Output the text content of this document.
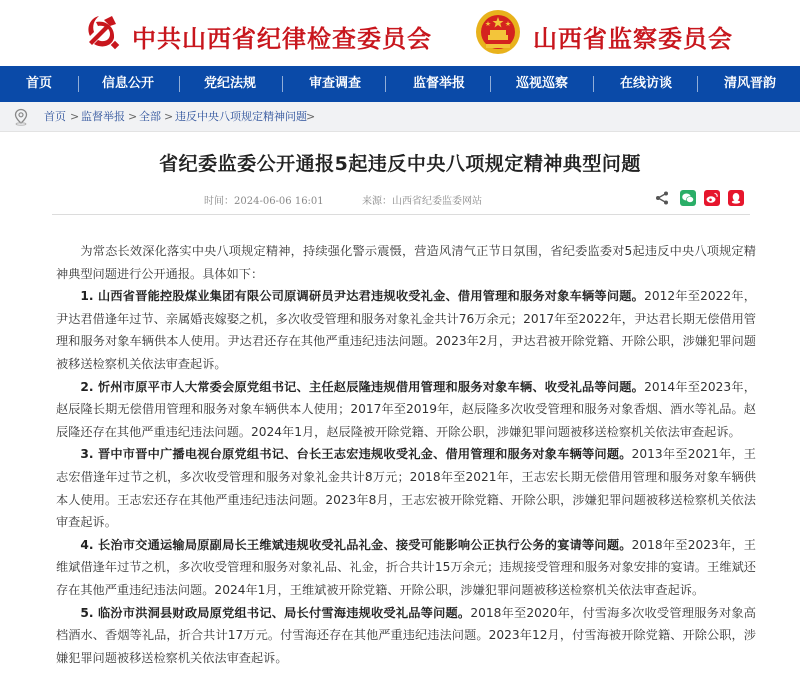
中共山西省纪律检查委员会	山西省监察委员会
首页	信息公开	党纪法规	审查调查	监督举报	巡视巡察	在线访谈	清风晋韵
首页 > 监督举报 > 全部 > 违反中央八项规定精神问题 >
省纪委监委公开通报5起违反中央八项规定精神典型问题
时间：2024-06-06 16:01	来源：山西省纪委监委网站

为常态长效深化落实中央八项规定精神，持续强化警示震慑，营造风清气正节日氛围，省纪委监委对5起违反中央八项规定精神典型问题进行公开通报。具体如下：

1. 山西省晋能控股煤业集团有限公司原调研员尹达君违规收受礼金、借用管理和服务对象车辆等问题。2012年至2022年，尹达君借逢年过节、亲属婚丧嫁娶之机，多次收受管理和服务对象礼金共计76万余元；2017年至2022年，尹达君长期无偿借用管理和服务对象车辆供本人使用。尹达君还存在其他严重违纪违法问题。2023年2月，尹达君被开除党籍、开除公职，涉嫌犯罪问题被移送检察机关依法审查起诉。

2. 忻州市原平市人大常委会原党组书记、主任赵辰隆违规借用管理和服务对象车辆、收受礼品等问题。2014年至2023年，赵辰隆长期无偿借用管理和服务对象车辆供本人使用；2017年至2019年，赵辰隆多次收受管理和服务对象香烟、酒水等礼品。赵辰隆还存在其他严重违纪违法问题。2024年1月，赵辰隆被开除党籍、开除公职，涉嫌犯罪问题被移送检察机关依法审查起诉。

3. 晋中市晋中广播电视台原党组书记、台长王志宏违规收受礼金、借用管理和服务对象车辆等问题。2013年至2021年，王志宏借逢年过节之机，多次收受管理和服务对象礼金共计8万元；2018年至2021年，王志宏长期无偿借用管理和服务对象车辆供本人使用。王志宏还存在其他严重违纪违法问题。2023年8月，王志宏被开除党籍、开除公职，涉嫌犯罪问题被移送检察机关依法审查起诉。

4. 长治市交通运输局原副局长王维斌违规收受礼品礼金、接受可能影响公正执行公务的宴请等问题。2018年至2023年，王维斌借逢年过节之机，多次收受管理和服务对象礼品、礼金，折合共计15万余元；违规接受管理和服务对象安排的宴请。王维斌还存在其他严重违纪违法问题。2024年1月，王维斌被开除党籍、开除公职，涉嫌犯罪问题被移送检察机关依法审查起诉。

5. 临汾市洪洞县财政局原党组书记、局长付雪海违规收受礼品等问题。2018年至2020年，付雪海多次收受管理服务对象高档酒水、香烟等礼品，折合共计17万元。付雪海还存在其他严重违纪违法问题。2023年12月，付雪海被开除党籍、开除公职，涉嫌犯罪问题被移送检察机关依法审查起诉。
